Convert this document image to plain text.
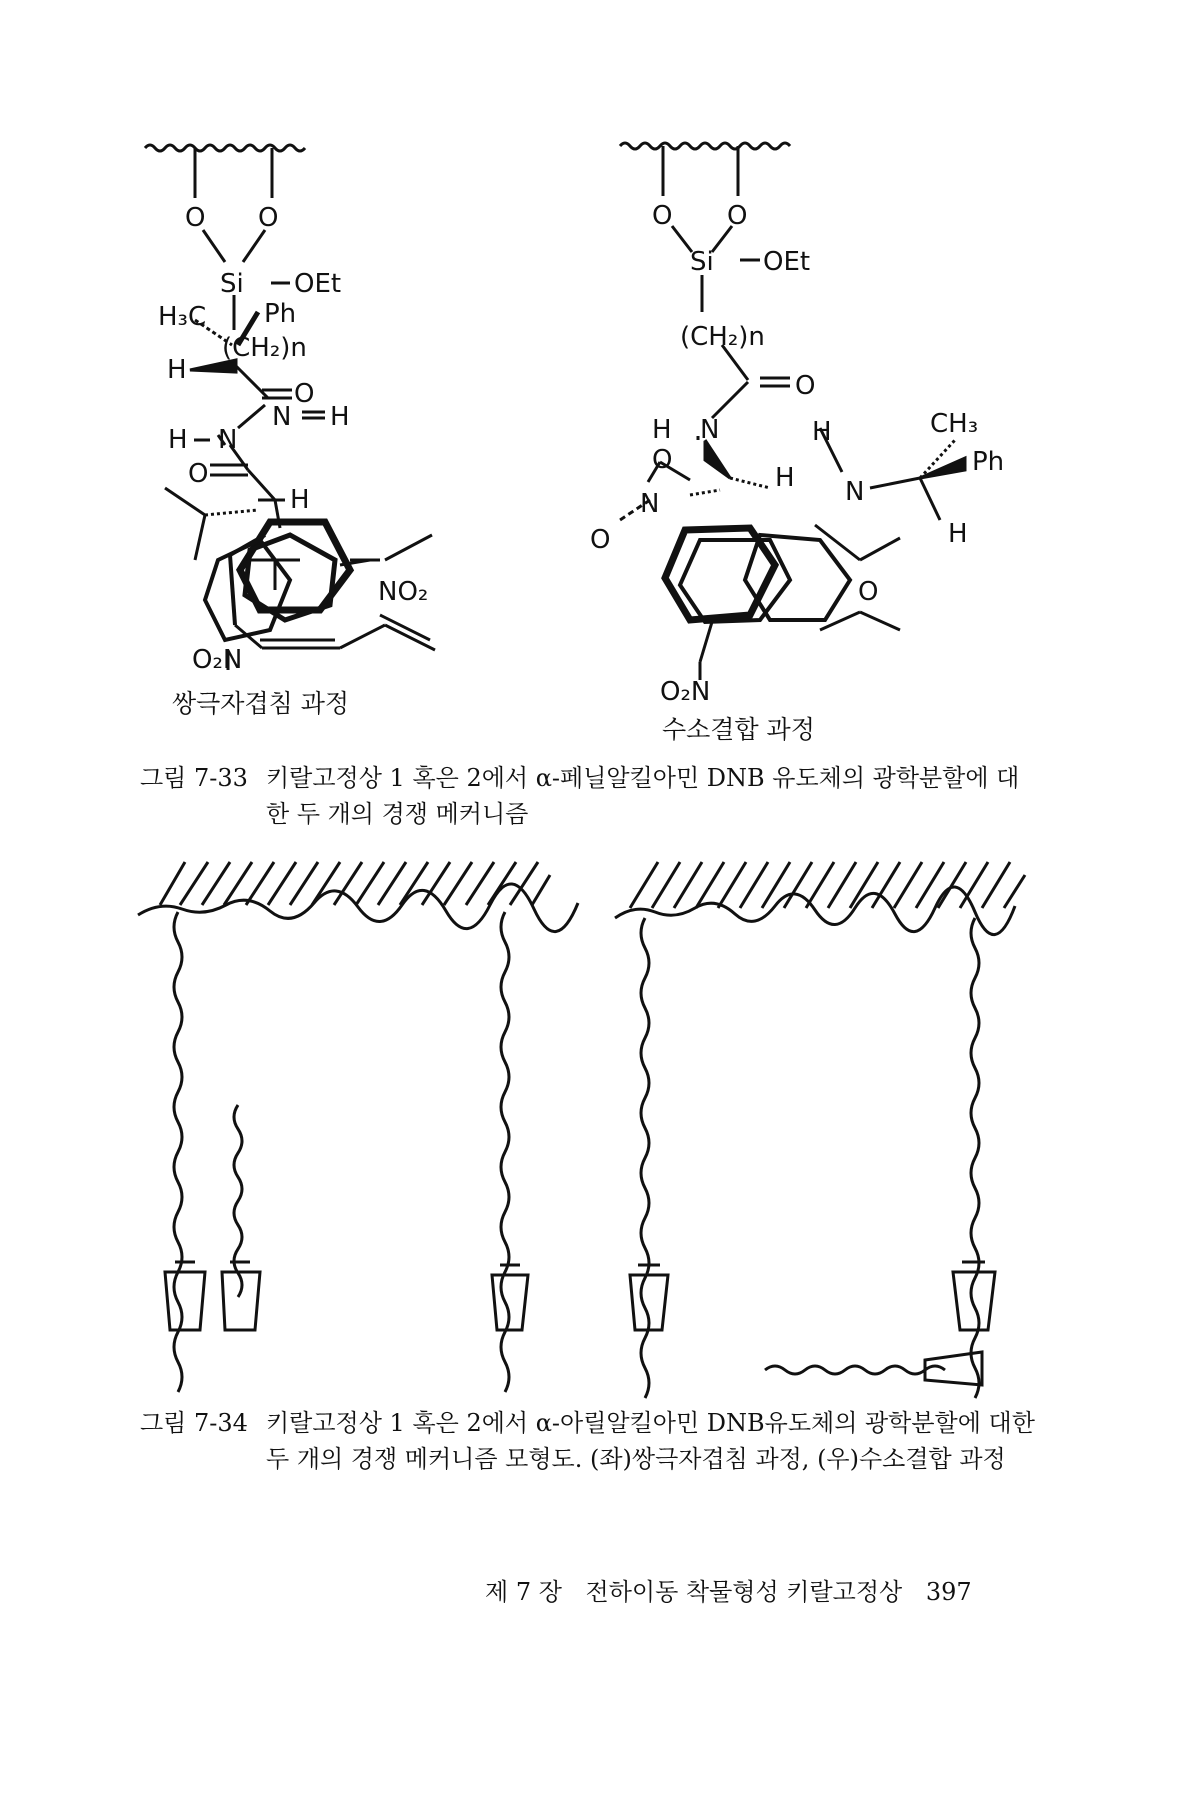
O O
Si OEt
H₃C Ph
(CH₂)n
H
O
N H
N
H
O
H
NO₂
O₂N
쌍극자겹침 과정
O O
Si OEt
(CH₂)n
O
H N
O
N
O
H
H
N
CH₃
Ph
H
O
O₂N
수소결합 과정
그림 7-33 키랄고정상 1 혹은 2에서 α-페닐알킬아민 DNB 유도체의 광학분할에 대한 두 개의 경쟁 메커니즘
그림 7-34 키랄고정상 1 혹은 2에서 α-아릴알킬아민 DNB유도체의 광학분할에 대한 두 개의 경쟁 메커니즘 모형도. (좌)쌍극자겹침 과정, (우)수소결합 과정
제 7 장 전하이동 착물형성 키랄고정상 397
